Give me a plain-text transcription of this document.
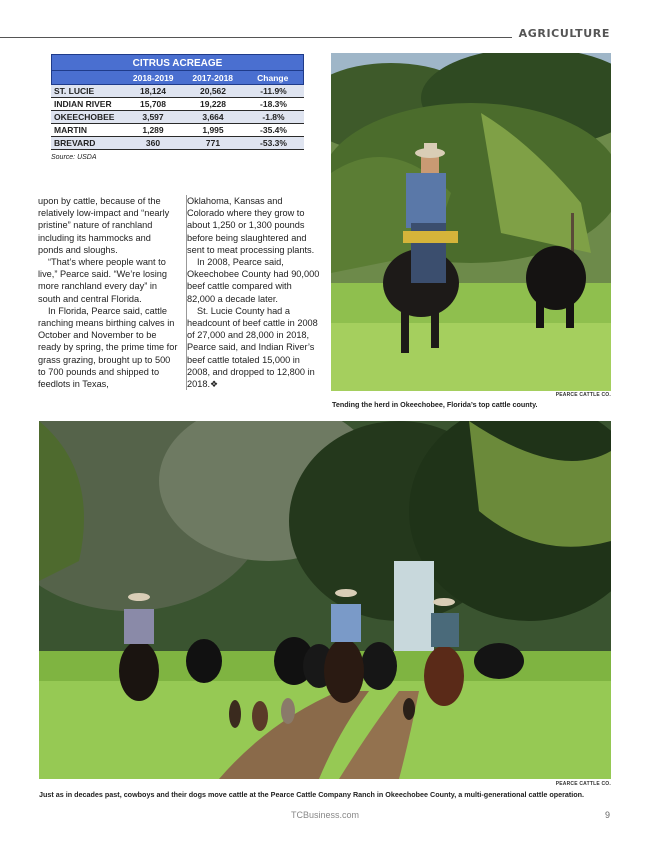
AGRICULTURE
CITRUS ACREAGE
2018-2019	2017-2018	Change
ST. LUCIE	18,124	20,562	-11.9%
INDIAN RIVER	15,708	19,228	-18.3%
OKEECHOBEE	3,597	3,664	-1.8%
MARTIN	1,289	1,995	-35.4%
BREVARD	360	771	-53.3%
Source: USDA

upon by cattle, because of the relatively low-impact and “nearly pristine” nature of ranchland including its hammocks and ponds and sloughs.

“That’s where people want to live,” Pearce said. “We’re losing more ranchland every day” in south and central Florida.

In Florida, Pearce said, cattle ranching means birthing calves in October and November to be ready by spring, the prime time for grass grazing, brought up to 500 to 700 pounds and shipped to feedlots in Texas,

Oklahoma, Kansas and Colorado where they grow to about 1,250 or 1,300 pounds before being slaughtered and sent to meat processing plants.

In 2008, Pearce said, Okeechobee County had 90,000 beef cattle compared with 82,000 a decade later.

St. Lucie County had a headcount of beef cattle in 2008 of 27,000 and 28,000 in 2018, Pearce said, and Indian River’s beef cattle totaled 15,000 in 2008, and dropped to 12,800 in 2018.❖

PEARCE CATTLE CO.
Tending the herd in Okeechobee, Florida’s top cattle county.
PEARCE CATTLE CO.
Just as in decades past, cowboys and their dogs move cattle at the Pearce Cattle Company Ranch in Okeechobee County, a multi-generational cattle operation.
TCBusiness.com	9
